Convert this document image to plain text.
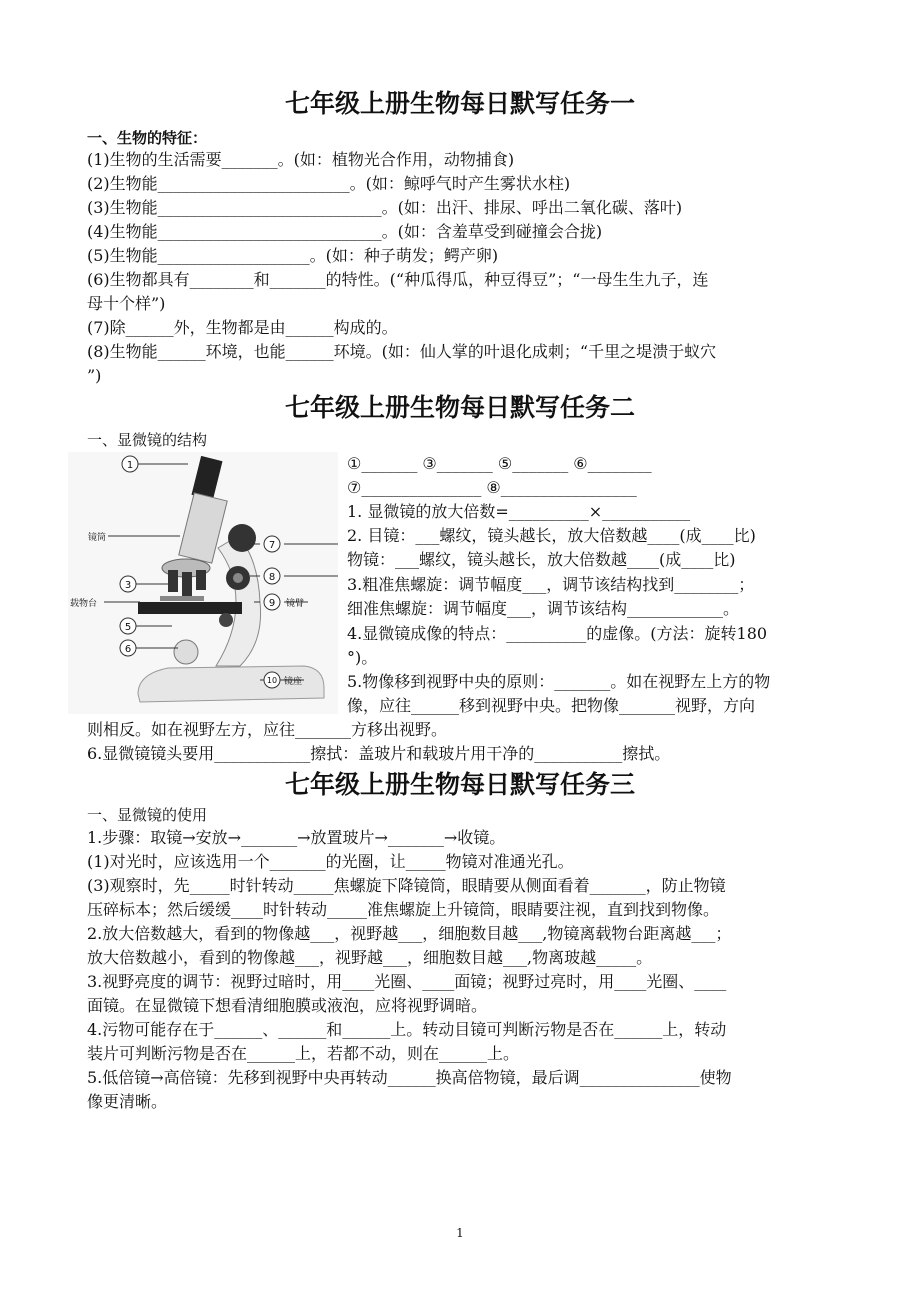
七年级上册生物每日默写任务一
一、生物的特征：
(1)生物的生活需要_______。(如：植物光合作用，动物捕食)
(2)生物能________________________。(如：鲸呼气时产生雾状水柱)
(3)生物能____________________________。(如：出汗、排尿、呼出二氧化碳、落叶)
(4)生物能____________________________。(如：含羞草受到碰撞会合拢)
(5)生物能___________________。(如：种子萌发；鳄产卵)
(6)生物都具有________和_______的特性。(“种瓜得瓜，种豆得豆”；“一母生生九子，连
母十个样”)
(7)除______外，生物都是由______构成的。
(8)生物能______环境，也能______环境。(如：仙人掌的叶退化成刺；“千里之堤溃于蚁穴
”)
七年级上册生物每日默写任务二
一、显微镜的结构
1
3
5
6
7
8
9
10
镜筒
载物台	镜臂
镜座
①_______ ③_______ ⑤_______ ⑥________
⑦_______________ ⑧_________________
1. 显微镜的放大倍数=__________×___________
2. 目镜：___螺纹，镜头越长，放大倍数越____(成____比)
物镜：___螺纹，镜头越长，放大倍数越____(成____比)
3.粗准焦螺旋：调节幅度___，调节该结构找到________；
细准焦螺旋：调节幅度___，调节该结构____________。
4.显微镜成像的特点：__________的虚像。(方法：旋转180
°)。
5.物像移到视野中央的原则：_______。如在视野左上方的物
像，应往______移到视野中央。把物像_______视野，方向
则相反。如在视野左方，应往_______方移出视野。
6.显微镜镜头要用____________擦拭：盖玻片和载玻片用干净的___________擦拭。
七年级上册生物每日默写任务三
一、显微镜的使用
1.步骤：取镜→安放→_______→放置玻片→_______→收镜。
(1)对光时，应该选用一个_______的光圈，让_____物镜对准通光孔。
(3)观察时，先_____时针转动_____焦螺旋下降镜筒，眼睛要从侧面看着_______，防止物镜
压碎标本；然后缓缓____时针转动_____准焦螺旋上升镜筒，眼睛要注视，直到找到物像。
2.放大倍数越大，看到的物像越___，视野越___，细胞数目越___,物镜离载物台距离越___；
放大倍数越小，看到的物像越___，视野越___，细胞数目越___,物离玻越_____。
3.视野亮度的调节：视野过暗时，用____光圈、____面镜；视野过亮时，用____光圈、____
面镜。在显微镜下想看清细胞膜或液泡，应将视野调暗。
4.污物可能存在于______、______和______上。转动目镜可判断污物是否在______上，转动
装片可判断污物是否在______上，若都不动，则在______上。
5.低倍镜→高倍镜：先移到视野中央再转动______换高倍物镜，最后调_______________使物
像更清晰。
1
